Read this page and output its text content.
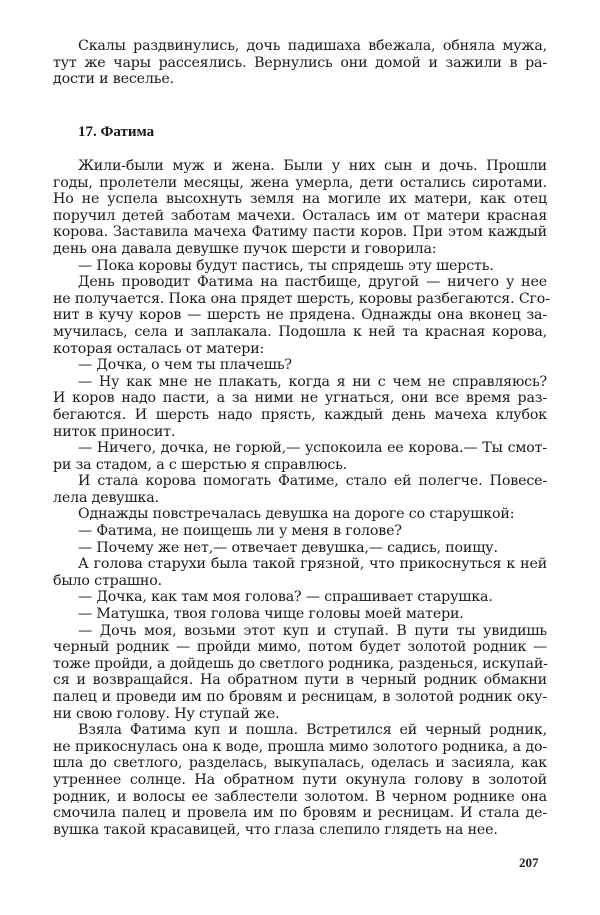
Скалы раздвинулись, дочь падишаха вбежала, обняла мужа,
тут же чары рассеялись. Вернулись они домой и зажили в ра-
дости и веселье.
17. Фатима
Жили-были муж и жена. Были у них сын и дочь. Прошли
годы, пролетели месяцы, жена умерла, дети остались сиротами.
Но не успела высохнуть земля на могиле их матери, как отец
поручил детей заботам мачехи. Осталась им от матери красная
корова. Заставила мачеха Фатиму пасти коров. При этом каждый
день она давала девушке пучок шерсти и говорила:
— Пока коровы будут пастись, ты спрядешь эту шерсть.
День проводит Фатима на пастбище, другой — ничего у нее
не получается. Пока она прядет шерсть, коровы разбегаются. Сго-
нит в кучу коров — шерсть не прядена. Однажды она вконец за-
мучилась, села и заплакала. Подошла к ней та красная корова,
которая осталась от матери:
— Дочка, о чем ты плачешь?
— Ну как мне не плакать, когда я ни с чем не справляюсь?
И коров надо пасти, а за ними не угнаться, они все время раз-
бегаются. И шерсть надо прясть, каждый день мачеха клубок
ниток приносит.
— Ничего, дочка, не горюй,— успокоила ее корова.— Ты смот-
ри за стадом, а с шерстью я справлюсь.
И стала корова помогать Фатиме, стало ей полегче. Повесе-
лела девушка.
Однажды повстречалась девушка на дороге со старушкой:
— Фатима, не поищешь ли у меня в голове?
— Почему же нет,— отвечает девушка,— садись, поищу.
А голова старухи была такой грязной, что прикоснуться к ней
было страшно.
— Дочка, как там моя голова? — спрашивает старушка.
— Матушка, твоя голова чище головы моей матери.
— Дочь моя, возьми этот куп и ступай. В пути ты увидишь
черный родник — пройди мимо, потом будет золотой родник —
тоже пройди, а дойдешь до светлого родника, разденься, искупай-
ся и возвращайся. На обратном пути в черный родник обмакни
палец и проведи им по бровям и ресницам, в золотой родник оку-
ни свою голову. Ну ступай же.
Взяла Фатима куп и пошла. Встретился ей черный родник,
не прикоснулась она к воде, прошла мимо золотого родника, а до-
шла до светлого, разделась, выкупалась, оделась и засияла, как
утреннее солнце. На обратном пути окунула голову в золотой
родник, и волосы ее заблестели золотом. В черном роднике она
смочила палец и провела им по бровям и ресницам. И стала де-
вушка такой красавицей, что глаза слепило глядеть на нее.
207
